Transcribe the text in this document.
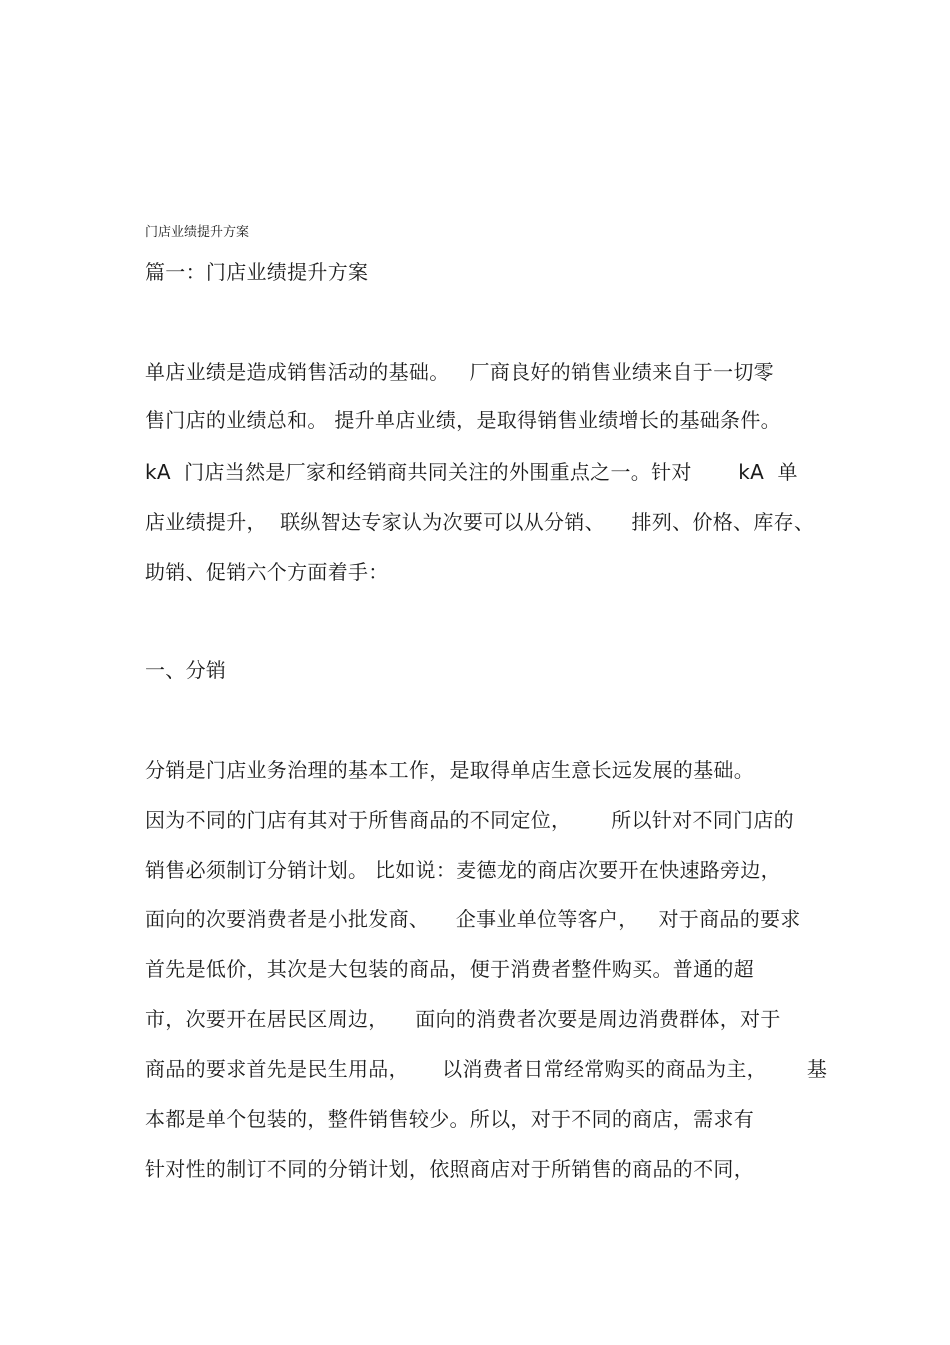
门店业绩提升方案
篇一：门店业绩提升方案
单店业绩是造成销售活动的基础。   厂商良好的销售业绩来自于一切零
售门店的业绩总和。 提升单店业绩，是取得销售业绩增长的基础条件。
kA  门店当然是厂家和经销商共同关注的外围重点之一。针对       kA  单
店业绩提升，  联纵智达专家认为次要可以从分销、    排列、价格、库存、
助销、促销六个方面着手：
一、分销
分销是门店业务治理的基本工作，是取得单店生意长远发展的基础。
因为不同的门店有其对于所售商品的不同定位，      所以针对不同门店的
销售必须制订分销计划。 比如说：麦德龙的商店次要开在快速路旁边，
面向的次要消费者是小批发商、    企事业单位等客户，   对于商品的要求
首先是低价，其次是大包装的商品，便于消费者整件购买。普通的超
市，次要开在居民区周边，    面向的消费者次要是周边消费群体，对于
商品的要求首先是民生用品，     以消费者日常经常购买的商品为主，      基
本都是单个包装的，整件销售较少。所以，对于不同的商店，需求有
针对性的制订不同的分销计划，依照商店对于所销售的商品的不同，
